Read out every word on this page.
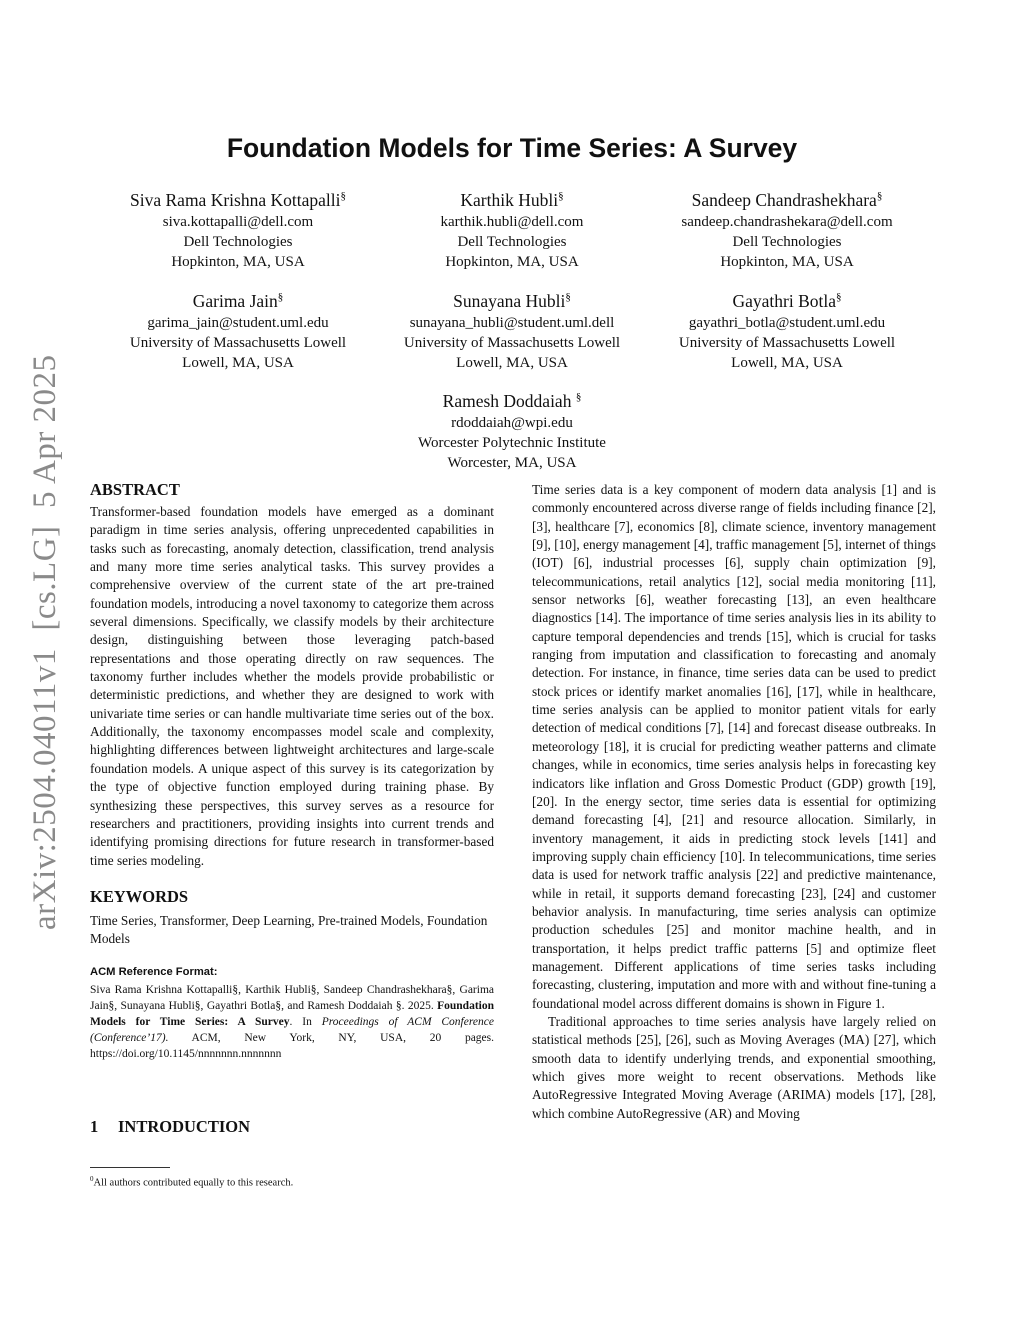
arXiv:2504.04011v1  [cs.LG]  5 Apr 2025
Foundation Models for Time Series: A Survey
Siva Rama Krishna Kottapalli§
siva.kottapalli@dell.com
Dell Technologies
Hopkinton, MA, USA
Karthik Hubli§
karthik.hubli@dell.com
Dell Technologies
Hopkinton, MA, USA
Sandeep Chandrashekhara§
sandeep.chandrashekara@dell.com
Dell Technologies
Hopkinton, MA, USA
Garima Jain§
garima_jain@student.uml.edu
University of Massachusetts Lowell
Lowell, MA, USA
Sunayana Hubli§
sunayana_hubli@student.uml.dell
University of Massachusetts Lowell
Lowell, MA, USA
Gayathri Botla§
gayathri_botla@student.uml.edu
University of Massachusetts Lowell
Lowell, MA, USA
Ramesh Doddaiah §
rdoddaiah@wpi.edu
Worcester Polytechnic Institute
Worcester, MA, USA

ABSTRACT

Transformer-based foundation models have emerged as a dominant paradigm in time series analysis, offering unprecedented capabilities in tasks such as forecasting, anomaly detection, classification, trend analysis and many more time series analytical tasks. This survey provides a comprehensive overview of the current state of the art pre-trained foundation models, introducing a novel taxonomy to categorize them across several dimensions. Specifically, we classify models by their architecture design, distinguishing between those leveraging patch-based representations and those operating directly on raw sequences. The taxonomy further includes whether the models provide probabilistic or deterministic predictions, and whether they are designed to work with univariate time series or can handle multivariate time series out of the box. Additionally, the taxonomy encompasses model scale and complexity, highlighting differences between lightweight architectures and large-scale foundation models. A unique aspect of this survey is its categorization by the type of objective function employed during training phase. By synthesizing these perspectives, this survey serves as a resource for researchers and practitioners, providing insights into current trends and identifying promising directions for future research in transformer-based time series modeling.

KEYWORDS

Time Series, Transformer, Deep Learning, Pre-trained Models, Foundation Models

ACM Reference Format:

Siva Rama Krishna Kottapalli§, Karthik Hubli§, Sandeep Chandrashekhara§, Garima Jain§, Sunayana Hubli§, Gayathri Botla§, and Ramesh Doddaiah §. 2025. Foundation Models for Time Series: A Survey. In Proceedings of ACM Conference (Conference’17). ACM, New York, NY, USA, 20 pages. https://doi.org/10.1145/nnnnnnn.nnnnnnn

1 INTRODUCTION
$^0$All authors contributed equally to this research.

Time series data is a key component of modern data analysis [1] and is commonly encountered across diverse range of fields including finance [2], [3], healthcare [7], economics [8], climate science, inventory management [9], [10], energy management [4], traffic management [5], internet of things (IOT) [6], industrial processes [6], supply chain optimization [9], telecommunications, retail analytics [12], social media monitoring [11], sensor networks [6], weather forecasting [13], an even healthcare diagnostics [14]. The importance of time series analysis lies in its ability to capture temporal dependencies and trends [15], which is crucial for tasks ranging from imputation and classification to forecasting and anomaly detection. For instance, in finance, time series data can be used to predict stock prices or identify market anomalies [16], [17], while in healthcare, time series analysis can be applied to monitor patient vitals for early detection of medical conditions [7], [14] and forecast disease outbreaks. In meteorology [18], it is crucial for predicting weather patterns and climate changes, while in economics, time series analysis helps in forecasting key indicators like inflation and Gross Domestic Product (GDP) growth [19], [20]. In the energy sector, time series data is essential for optimizing demand forecasting [4], [21] and resource allocation. Similarly, in inventory management, it aids in predicting stock levels [141] and improving supply chain efficiency [10]. In telecommunications, time series data is used for network traffic analysis [22] and predictive maintenance, while in retail, it supports demand forecasting [23], [24] and customer behavior analysis. In manufacturing, time series analysis can optimize production schedules [25] and monitor machine health, and in transportation, it helps predict traffic patterns [5] and optimize fleet management. Different applications of time series tasks including forecasting, clustering, imputation and more with and without fine-tuning a foundational model across different domains is shown in Figure 1.

Traditional approaches to time series analysis have largely relied on statistical methods [25], [26], such as Moving Averages (MA) [27], which smooth data to identify underlying trends, and exponential smoothing, which gives more weight to recent observations. Methods like AutoRegressive Integrated Moving Average (ARIMA) models [17], [28], which combine AutoRegressive (AR) and Moving
